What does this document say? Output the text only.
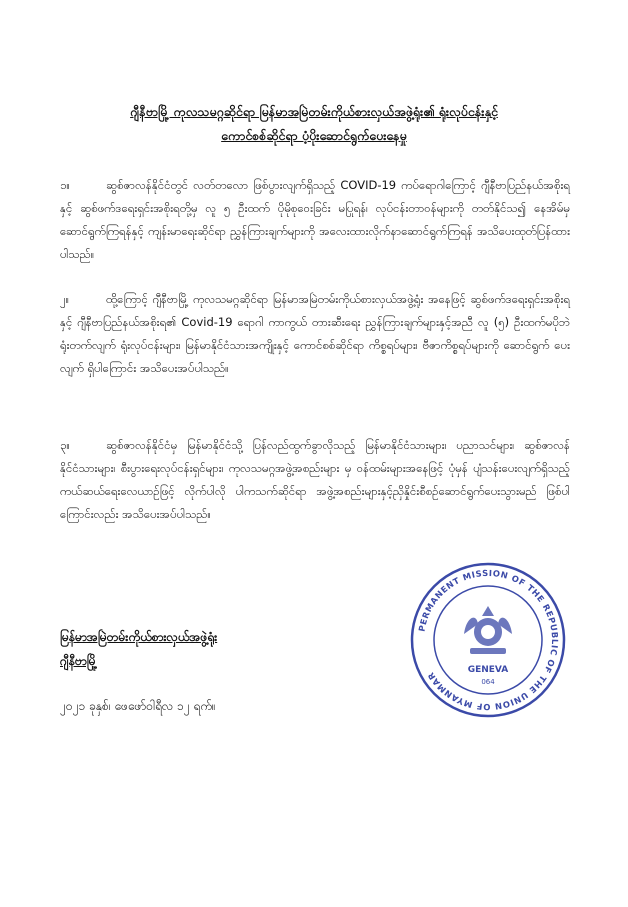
ဂျီနီဗာမြို့ ကုလသမဂ္ဂဆိုင်ရာ မြန်မာအမြဲတမ်းကိုယ်စားလှယ်အဖွဲ့ရုံး၏ ရုံးလုပ်ငန်းနှင့်
ကောင်စစ်ဆိုင်ရာ ပံ့ပိုးဆောင်ရွက်ပေးနေမှု
၁။	ဆွစ်ဇာလန်နိုင်ငံတွင် လတ်တလော ဖြစ်ပွားလျက်ရှိသည့် COVID-19 ကပ်ရောဂါကြောင့် ဂျီနီဗာပြည်နယ်အစိုးရနှင့် ဆွစ်ဖက်ဒရေးရှင်းအစိုးရတို့မှ လူ ၅ ဦးထက် ပိုမိုစုဝေးခြင်း မပြုရန်၊ လုပ်ငန်းတာဝန်များကို တတ်နိုင်သ၍ နေအိမ်မှ ဆောင်ရွက်ကြရန်နှင့် ကျန်းမာရေးဆိုင်ရာ ညွှန်ကြားချက်များကို အလေးထားလိုက်နာဆောင်ရွက်ကြရန် အသိပေးထုတ်ပြန်ထားပါသည်။
၂။	ထို့ကြောင့် ဂျီနီဗာမြို့ ကုလသမဂ္ဂဆိုင်ရာ မြန်မာအမြဲတမ်းကိုယ်စားလှယ်အဖွဲ့ရုံး အနေဖြင့် ဆွစ်ဖက်ဒရေးရှင်းအစိုးရနှင့် ဂျီနီဗာပြည်နယ်အစိုးရ၏ Covid-19 ရောဂါ ကာကွယ် တားဆီးရေး ညွှန်ကြားချက်များနှင့်အညီ လူ (၅) ဦးထက်မပိုဘဲ ရုံးတက်လျက် ရုံးလုပ်ငန်းများ၊ မြန်မာနိုင်ငံသားအကျိုးနှင့် ကောင်စစ်ဆိုင်ရာ ကိစ္စရပ်များ၊ ဗီဇာကိစ္စရပ်များကို ဆောင်ရွက် ပေးလျက် ရှိပါကြောင်း အသိပေးအပ်ပါသည်။
၃။	ဆွစ်ဇာလန်နိုင်ငံမှ မြန်မာနိုင်ငံသို့ ပြန်လည်ထွက်ခွာလိုသည့် မြန်မာနိုင်ငံသားများ၊ ပညာသင်များ၊ ဆွစ်ဇာလန်နိုင်ငံသားများ၊ စီးပွားရေးလုပ်ငန်းရှင်များ၊ ကုလသမဂ္ဂအဖွဲ့အစည်းများ မှ ဝန်ထမ်းများအနေဖြင့် ပုံမှန် ပျံသန်းပေးလျက်ရှိသည့် ကယ်ဆယ်ရေးလေယာဉ်ဖြင့် လိုက်ပါလို ပါကသက်ဆိုင်ရာ အဖွဲ့အစည်းများနှင့်ညှိနှိုင်းစီစဉ်ဆောင်ရွက်ပေးသွားမည် ဖြစ်ပါကြောင်းလည်း အသိပေးအပ်ပါသည်။
မြန်မာအမြဲတမ်းကိုယ်စားလှယ်အဖွဲ့ရုံး
ဂျီနီဗာမြို့
၂၀၂၁ ခုနှစ်၊ ဖေဖော်ဝါရီလ ၁၂ ရက်။
PERMANENT MISSION OF THE REPUBLIC OF THE UNION OF MYANMAR
GENEVA
064
